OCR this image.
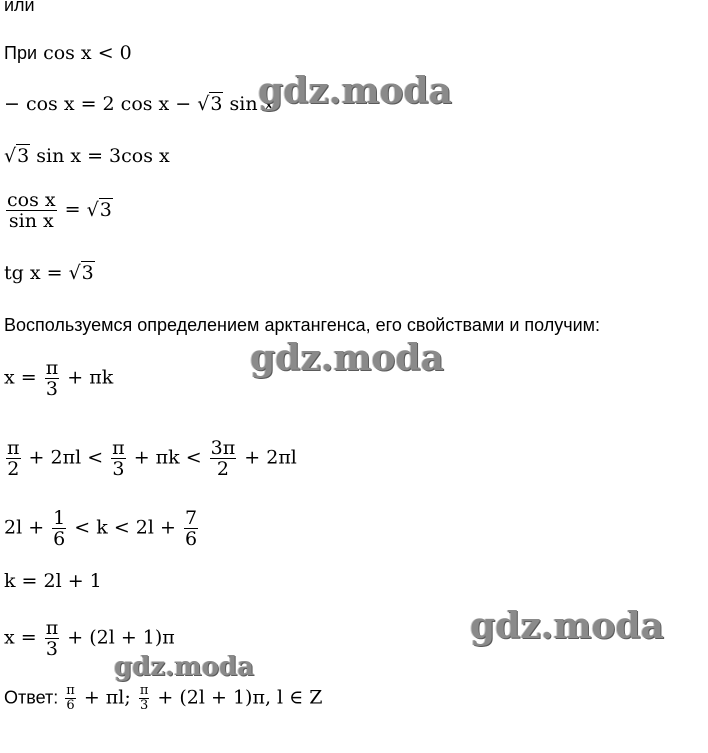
или
При cos x < 0
− cos x = 2 cos x − √3 sin x
√3 sin x = 3cos x
$\frac{\text{cos x}}{\text{sin x}} = √3$
tg x = √3
Воспользуемся определением арктангенса, его свойствами и получим:
$x = \frac{\pi}{3} + \pi k$
$\frac{\pi}{2} + 2\pi l < \frac{\pi}{3} + \pi k < \frac{3\pi}{2} + 2\pi l$
$2l + \frac{1}{6} < k < 2l + \frac{7}{6}$
k = 2l + 1
$x = \frac{\pi}{3} + (2l + 1)\pi$
Ответ: $\frac{\pi}{6} + \pi l$; $\frac{\pi}{3} + (2l + 1)\pi$, l ∈ Z
gdz.moda
gdz.moda
gdz.moda
gdz.moda
